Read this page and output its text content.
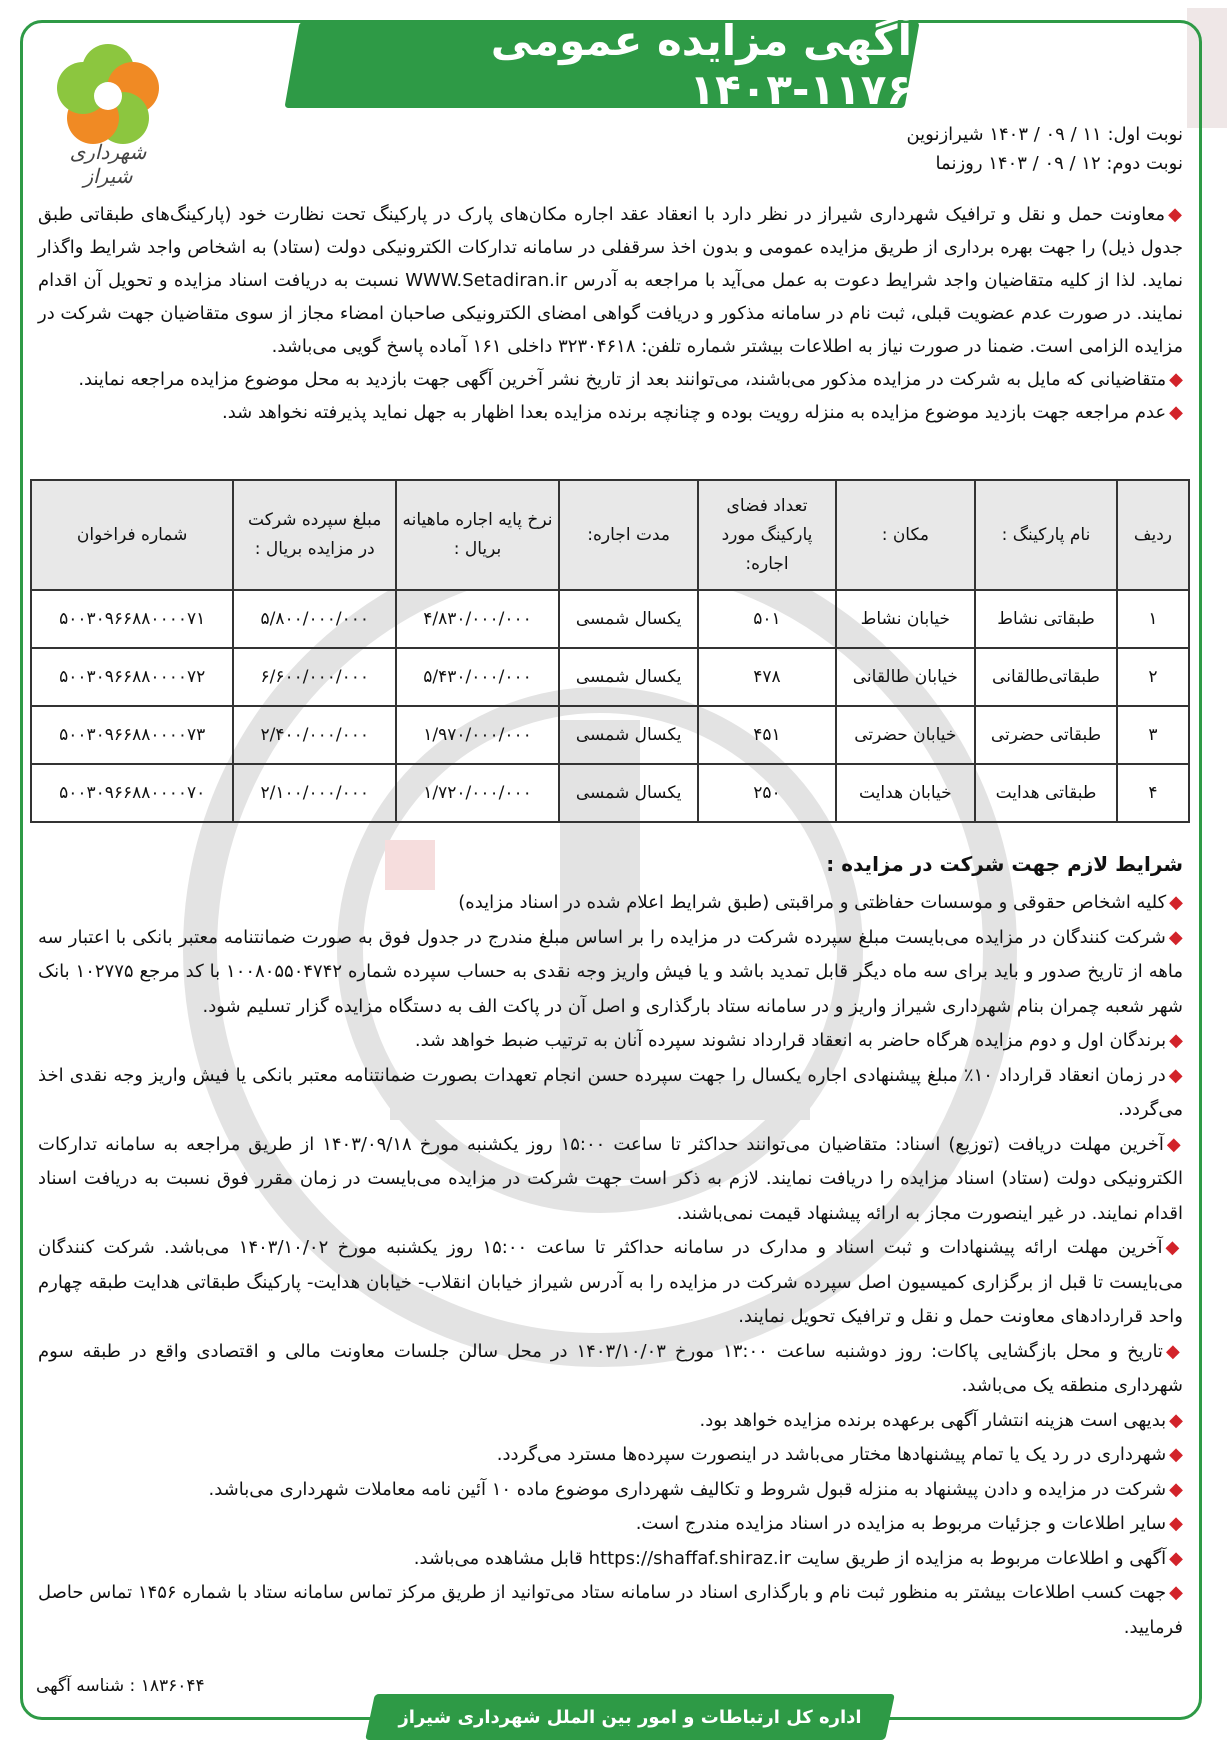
شهرداری شیراز
آگهی مزایده عمومی ۱۱۷۶-۱۴۰۳
نوبت اول: ۱۱ / ۰۹ / ۱۴۰۳ شیرازنوین
نوبت دوم: ۱۲ / ۰۹ / ۱۴۰۳ روزنما

◆معاونت حمل و نقل و ترافیک شهرداری شیراز در نظر دارد با انعقاد عقد اجاره مکان‌های پارک در پارکینگ تحت نظارت خود (پارکینگ‌های طبقاتی طبق جدول ذیل) را جهت بهره برداری از طریق مزایده عمومی و بدون اخذ سرقفلی در سامانه تدارکات الکترونیکی دولت (ستاد) به اشخاص واجد شرایط واگذار نماید. لذا از کلیه متقاضیان واجد شرایط دعوت به عمل می‌آید با مراجعه به آدرس WWW.Setadiran.ir نسبت به دریافت اسناد مزایده و تحویل آن اقدام نمایند. در صورت عدم عضویت قبلی، ثبت نام در سامانه مذکور و دریافت گواهی امضای الکترونیکی صاحبان امضاء مجاز از سوی متقاضیان جهت شرکت در مزایده الزامی است. ضمنا در صورت نیاز به اطلاعات بیشتر شماره تلفن: ۳۲۳۰۴۶۱۸ داخلی ۱۶۱ آماده پاسخ گویی می‌باشد.

◆متقاضیانی که مایل به شرکت در مزایده مذکور می‌باشند، می‌توانند بعد از تاریخ نشر آخرین آگهی جهت بازدید به محل موضوع مزایده مراجعه نمایند.

◆عدم مراجعه جهت بازدید موضوع مزایده به منزله رویت بوده و چنانچه برنده مزایده بعدا اظهار به جهل نماید پذیرفته نخواهد شد.

ردیف	نام پارکینگ :	مکان :	تعداد فضای پارکینگ مورد اجاره:	مدت اجاره:	نرخ پایه اجاره ماهیانه بریال :	مبلغ سپرده شرکت در مزایده بریال :	شماره فراخوان
۱	طبقاتی نشاط	خیابان نشاط	۵۰۱	یکسال شمسی	۴/۸۳۰/۰۰۰/۰۰۰	۵/۸۰۰/۰۰۰/۰۰۰	۵۰۰۳۰۹۶۶۸۸۰۰۰۰۷۱
۲	طبقاتی‌طالقانی	خیابان طالقانی	۴۷۸	یکسال شمسی	۵/۴۳۰/۰۰۰/۰۰۰	۶/۶۰۰/۰۰۰/۰۰۰	۵۰۰۳۰۹۶۶۸۸۰۰۰۰۷۲
۳	طبقاتی حضرتی	خیابان حضرتی	۴۵۱	یکسال شمسی	۱/۹۷۰/۰۰۰/۰۰۰	۲/۴۰۰/۰۰۰/۰۰۰	۵۰۰۳۰۹۶۶۸۸۰۰۰۰۷۳
۴	طبقاتی هدایت	خیابان هدایت	۲۵۰	یکسال شمسی	۱/۷۲۰/۰۰۰/۰۰۰	۲/۱۰۰/۰۰۰/۰۰۰	۵۰۰۳۰۹۶۶۸۸۰۰۰۰۷۰
شرایط لازم جهت شرکت در مزایده :

◆کلیه اشخاص حقوقی و موسسات حفاظتی و مراقبتی (طبق شرایط اعلام شده در اسناد مزایده)

◆شرکت کنندگان در مزایده می‌بایست مبلغ سپرده شرکت در مزایده را بر اساس مبلغ مندرج در جدول فوق به صورت ضمانتنامه معتبر بانکی با اعتبار سه ماهه از تاریخ صدور و باید برای سه ماه دیگر قابل تمدید باشد و یا فیش واریز وجه نقدی به حساب سپرده شماره ۱۰۰۸۰۵۵۰۴۷۴۲ با کد مرجع ۱۰۲۷۷۵ بانک شهر شعبه چمران بنام شهرداری شیراز واریز و در سامانه ستاد بارگذاری و اصل آن در پاکت الف به دستگاه مزایده گزار تسلیم شود.

◆برندگان اول و دوم مزایده هرگاه حاضر به انعقاد قرارداد نشوند سپرده آنان به ترتیب ضبط خواهد شد.

◆در زمان انعقاد قرارداد ۱۰٪ مبلغ پیشنهادی اجاره یکسال را جهت سپرده حسن انجام تعهدات بصورت ضمانتنامه معتبر بانکی یا فیش واریز وجه نقدی اخذ می‌گردد.

◆آخرین مهلت دریافت (توزیع) اسناد: متقاضیان می‌توانند حداکثر تا ساعت ۱۵:۰۰ روز یکشنبه مورخ ۱۴۰۳/۰۹/۱۸ از طریق مراجعه به سامانه تدارکات الکترونیکی دولت (ستاد) اسناد مزایده را دریافت نمایند. لازم به ذکر است جهت شرکت در مزایده می‌بایست در زمان مقرر فوق نسبت به دریافت اسناد اقدام نمایند. در غیر اینصورت مجاز به ارائه پیشنهاد قیمت نمی‌باشند.

◆آخرین مهلت ارائه پیشنهادات و ثبت اسناد و مدارک در سامانه حداکثر تا ساعت ۱۵:۰۰ روز یکشنبه مورخ ۱۴۰۳/۱۰/۰۲ می‌باشد. شرکت کنندگان می‌بایست تا قبل از برگزاری کمیسیون اصل سپرده شرکت در مزایده را به آدرس شیراز خیابان انقلاب- خیابان هدایت- پارکینگ طبقاتی هدایت طبقه چهارم واحد قراردادهای معاونت حمل و نقل و ترافیک تحویل نمایند.

◆تاریخ و محل بازگشایی پاکات: روز دوشنبه ساعت ۱۳:۰۰ مورخ ۱۴۰۳/۱۰/۰۳ در محل سالن جلسات معاونت مالی و اقتصادی واقع در طبقه سوم شهرداری منطقه یک می‌باشد.

◆بدیهی است هزینه انتشار آگهی برعهده برنده مزایده خواهد بود.

◆شهرداری در رد یک یا تمام پیشنهادها مختار می‌باشد در اینصورت سپرده‌ها مسترد می‌گردد.

◆شرکت در مزایده و دادن پیشنهاد به منزله قبول شروط و تکالیف شهرداری موضوع ماده ۱۰ آئین نامه معاملات شهرداری می‌باشد.

◆سایر اطلاعات و جزئیات مربوط به مزایده در اسناد مزایده مندرج است.

◆آگهی و اطلاعات مربوط به مزایده از طریق سایت https://shaffaf.shiraz.ir قابل مشاهده می‌باشد.

◆جهت کسب اطلاعات بیشتر به منظور ثبت نام و بارگذاری اسناد در سامانه ستاد می‌توانید از طریق مرکز تماس سامانه ستاد با شماره ۱۴۵۶ تماس حاصل فرمایید.

۱۸۳۶۰۴۴ : شناسه آگهی
اداره کل ارتباطات و امور بین الملل شهرداری شیراز
